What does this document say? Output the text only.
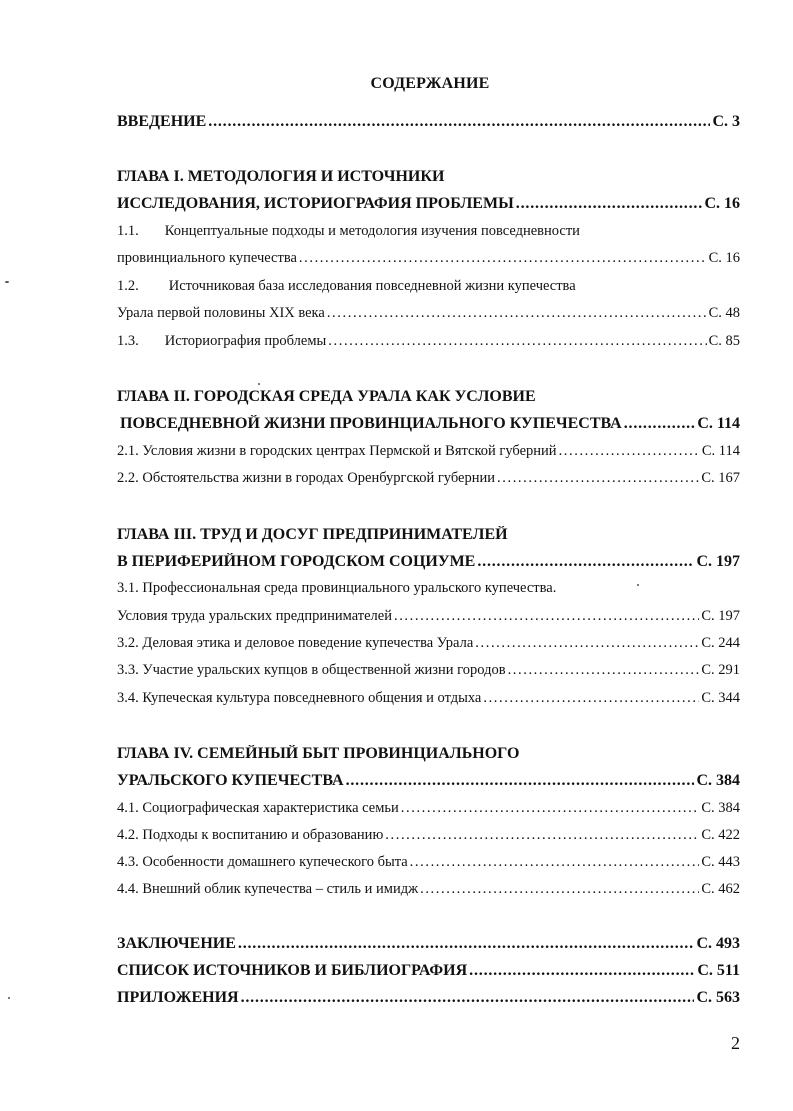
СОДЕРЖАНИЕ
ВВЕДЕНИЕ .....	С. 3
ГЛАВА I. МЕТОДОЛОГИЯ И ИСТОЧНИКИ
ИССЛЕДОВАНИЯ, ИСТОРИОГРАФИЯ ПРОБЛЕМЫ .....	С. 16
1.1. Концептуальные подходы и методология изучения повседневности
провинциального купечества .....	С. 16
1.2. Источниковая база исследования повседневной жизни купечества
Урала первой половины XIX века .....	С. 48
1.3. Историография проблемы .....	С. 85
ГЛАВА II. ГОРОДСКАЯ СРЕДА УРАЛА КАК УСЛОВИЕ
ПОВСЕДНЕВНОЙ ЖИЗНИ ПРОВИНЦИАЛЬНОГО КУПЕЧЕСТВА .....	С. 114
2.1. Условия жизни в городских центрах Пермской и Вятской губерний .....	С. 114
2.2. Обстоятельства жизни в городах Оренбургской губернии .....	С. 167
ГЛАВА III. ТРУД И ДОСУГ ПРЕДПРИНИМАТЕЛЕЙ
В ПЕРИФЕРИЙНОМ ГОРОДСКОМ СОЦИУМЕ .....	С. 197
3.1. Профессиональная среда провинциального уральского купечества.
Условия труда уральских предпринимателей .....	С. 197
3.2. Деловая этика и деловое поведение купечества Урала .....	С. 244
3.3. Участие уральских купцов в общественной жизни городов .....	С. 291
3.4. Купеческая культура повседневного общения и отдыха .....	С. 344
ГЛАВА IV. СЕМЕЙНЫЙ БЫТ ПРОВИНЦИАЛЬНОГО
УРАЛЬСКОГО КУПЕЧЕСТВА .....	С. 384
4.1. Социографическая характеристика семьи .....	С. 384
4.2. Подходы к воспитанию и образованию .....	С. 422
4.3. Особенности домашнего купеческого быта .....	С. 443
4.4. Внешний облик купечества – стиль и имидж .....	С. 462
ЗАКЛЮЧЕНИЕ .....	С. 493
СПИСОК ИСТОЧНИКОВ И БИБЛИОГРАФИЯ .....	С. 511
ПРИЛОЖЕНИЯ .....	С. 563
2
